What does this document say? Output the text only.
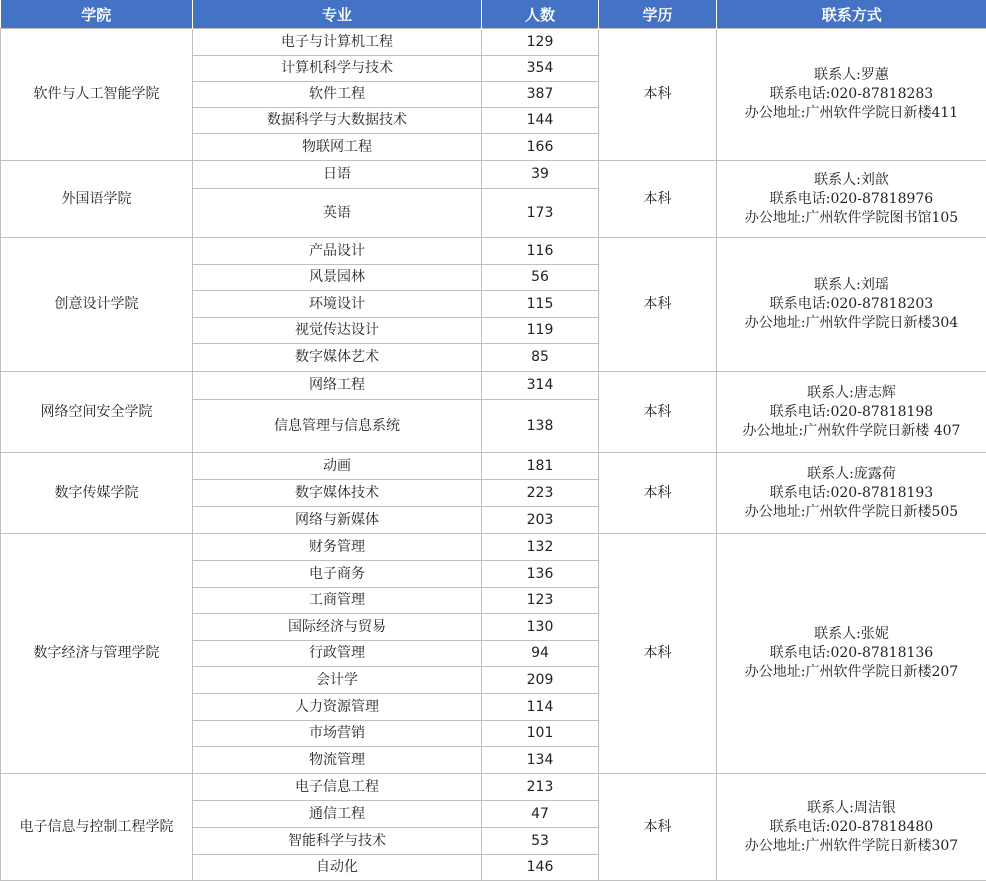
学院	专业	人数	学历	联系方式
软件与人工智能学院	电子与计算机工程	129	本科	联系人:罗蕙
联系电话:020-87818283
办公地址:广州软件学院日新楼411

	计算机科学与技术	354		
	软件工程	387		
	数据科学与大数据技术	144		
	物联网工程	166		
外国语学院	日语	39	本科	联系人:刘歆
联系电话:020-87818976
办公地址:广州软件学院图书馆105

	英语	173		
创意设计学院	产品设计	116	本科	联系人:刘瑶
联系电话:020-87818203
办公地址:广州软件学院日新楼304

	风景园林	56		
	环境设计	115		
	视觉传达设计	119		
	数字媒体艺术	85		
网络空间安全学院	网络工程	314	本科	联系人:唐志辉
联系电话:020-87818198
办公地址:广州软件学院日新楼 407

	信息管理与信息系统	138		
数字传媒学院	动画	181	本科	联系人:庞露荷
联系电话:020-87818193
办公地址:广州软件学院日新楼505

	数字媒体技术	223		
	网络与新媒体	203		
数字经济与管理学院	财务管理	132	本科	联系人:张妮
联系电话:020-87818136
办公地址:广州软件学院日新楼207

	电子商务	136		
	工商管理	123		
	国际经济与贸易	130		
	行政管理	94		
	会计学	209		
	人力资源管理	114		
	市场营销	101		
	物流管理	134		
电子信息与控制工程学院	电子信息工程	213	本科	联系人:周洁银
联系电话:020-87818480
办公地址:广州软件学院日新楼307

	通信工程	47		
	智能科学与技术	53		
	自动化	146		
